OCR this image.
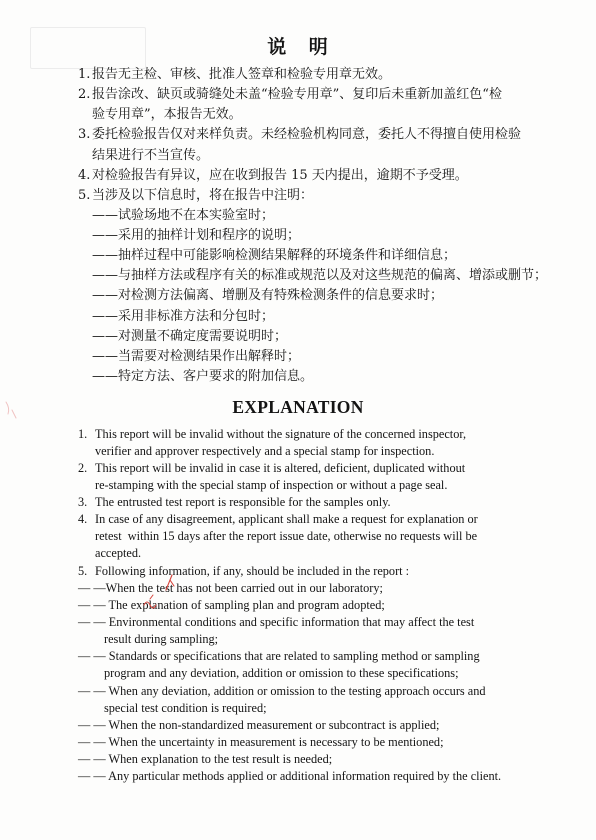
说 明
1. 报告无主检、审核、批准人签章和检验专用章无效。
2. 报告涂改、缺页或骑缝处未盖“检验专用章”、复印后未重新加盖红色“检
验专用章”，本报告无效。
3. 委托检验报告仅对来样负责。未经检验机构同意，委托人不得擅自使用检验
结果进行不当宣传。
4. 对检验报告有异议，应在收到报告 15 天内提出，逾期不予受理。
5. 当涉及以下信息时，将在报告中注明：
——试验场地不在本实验室时；
——采用的抽样计划和程序的说明；
——抽样过程中可能影响检测结果解释的环境条件和详细信息；
——与抽样方法或程序有关的标准或规范以及对这些规范的偏离、增添或删节；
——对检测方法偏离、增删及有特殊检测条件的信息要求时；
——采用非标准方法和分包时；
——对测量不确定度需要说明时；
——当需要对检测结果作出解释时；
——特定方法、客户要求的附加信息。
EXPLANATION
1. This report will be invalid without the signature of the concerned inspector,
verifier and approver respectively and a special stamp for inspection.
2. This report will be invalid in case it is altered, deficient, duplicated without
re-stamping with the special stamp of inspection or without a page seal.
3. The entrusted test report is responsible for the samples only.
4. In case of any disagreement, applicant shall make a request for explanation or
retest  within 15 days after the report issue date, otherwise no requests will be
accepted.
5. Following information, if any, should be included in the report :
— —When the test has not been carried out in our laboratory;
— — The explanation of sampling plan and program adopted;
— — Environmental conditions and specific information that may affect the test
result during sampling;
— — Standards or specifications that are related to sampling method or sampling
program and any deviation, addition or omission to these specifications;
— — When any deviation, addition or omission to the testing approach occurs and
special test condition is required;
— — When the non-standardized measurement or subcontract is applied;
— — When the uncertainty in measurement is necessary to be mentioned;
— — When explanation to the test result is needed;
— — Any particular methods applied or additional information required by the client.
